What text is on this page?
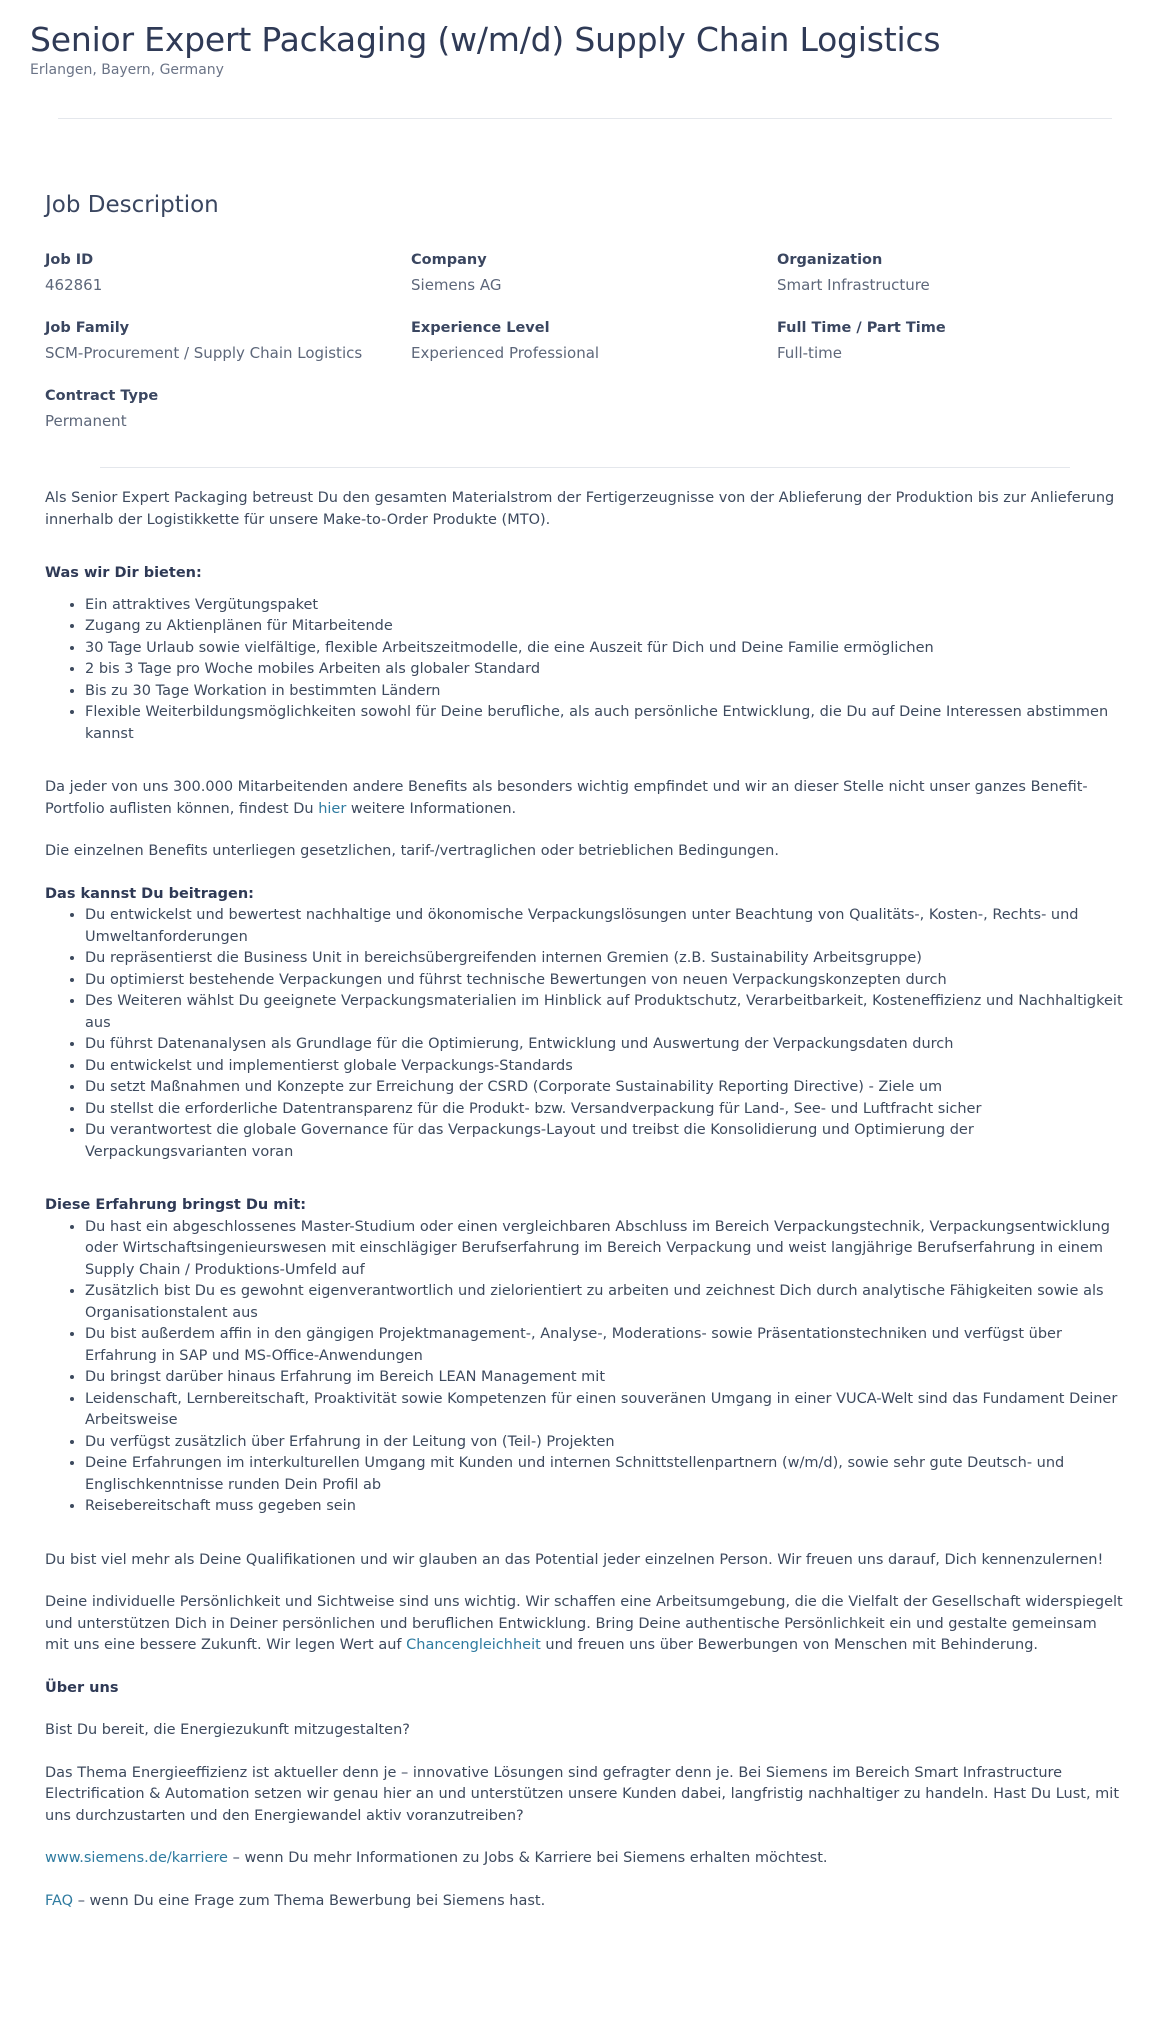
Senior Expert Packaging (w/m/d) Supply Chain Logistics
Erlangen, Bayern, Germany
Job Description
Job ID
462861
Company
Siemens AG
Organization
Smart Infrastructure
Job Family
SCM-Procurement / Supply Chain Logistics
Experience Level
Experienced Professional
Full Time / Part Time
Full-time
Contract Type
Permanent

Als Senior Expert Packaging betreust Du den gesamten Materialstrom der Fertigerzeugnisse von der Ablieferung der Produktion bis zur Anlieferung innerhalb der Logistikkette für unsere Make-to-Order Produkte (MTO).

Was wir Dir bieten:

• Ein attraktives Vergütungspaket
• Zugang zu Aktienplänen für Mitarbeitende
• 30 Tage Urlaub sowie vielfältige, flexible Arbeitszeitmodelle, die eine Auszeit für Dich und Deine Familie ermöglichen
• 2 bis 3 Tage pro Woche mobiles Arbeiten als globaler Standard
• Bis zu 30 Tage Workation in bestimmten Ländern
• Flexible Weiterbildungsmöglichkeiten sowohl für Deine berufliche, als auch persönliche Entwicklung, die Du auf Deine Interessen abstimmen kannst

Da jeder von uns 300.000 Mitarbeitenden andere Benefits als besonders wichtig empfindet und wir an dieser Stelle nicht unser ganzes Benefit-Portfolio auflisten können, findest Du hier weitere Informationen.

Die einzelnen Benefits unterliegen gesetzlichen, tarif-/vertraglichen oder betrieblichen Bedingungen.

Das kannst Du beitragen:

• Du entwickelst und bewertest nachhaltige und ökonomische Verpackungslösungen unter Beachtung von Qualitäts-, Kosten-, Rechts- und Umweltanforderungen
• Du repräsentierst die Business Unit in bereichsübergreifenden internen Gremien (z.B. Sustainability Arbeitsgruppe)
• Du optimierst bestehende Verpackungen und führst technische Bewertungen von neuen Verpackungskonzepten durch
• Des Weiteren wählst Du geeignete Verpackungsmaterialien im Hinblick auf Produktschutz, Verarbeitbarkeit, Kosteneffizienz und Nachhaltigkeit aus
• Du führst Datenanalysen als Grundlage für die Optimierung, Entwicklung und Auswertung der Verpackungsdaten durch
• Du entwickelst und implementierst globale Verpackungs-Standards
• Du setzt Maßnahmen und Konzepte zur Erreichung der CSRD (Corporate Sustainability Reporting Directive) - Ziele um
• Du stellst die erforderliche Datentransparenz für die Produkt- bzw. Versandverpackung für Land-, See- und Luftfracht sicher
• Du verantwortest die globale Governance für das Verpackungs-Layout und treibst die Konsolidierung und Optimierung der Verpackungsvarianten voran

Diese Erfahrung bringst Du mit:

• Du hast ein abgeschlossenes Master-Studium oder einen vergleichbaren Abschluss im Bereich Verpackungstechnik, Verpackungsentwicklung oder Wirtschaftsingenieurswesen mit einschlägiger Berufserfahrung im Bereich Verpackung und weist langjährige Berufserfahrung in einem Supply Chain / Produktions-Umfeld auf
• Zusätzlich bist Du es gewohnt eigenverantwortlich und zielorientiert zu arbeiten und zeichnest Dich durch analytische Fähigkeiten sowie als Organisationstalent aus
• Du bist außerdem affin in den gängigen Projektmanagement-, Analyse-, Moderations- sowie Präsentationstechniken und verfügst über Erfahrung in SAP und MS-Office-Anwendungen
• Du bringst darüber hinaus Erfahrung im Bereich LEAN Management mit
• Leidenschaft, Lernbereitschaft, Proaktivität sowie Kompetenzen für einen souveränen Umgang in einer VUCA-Welt sind das Fundament Deiner Arbeitsweise
• Du verfügst zusätzlich über Erfahrung in der Leitung von (Teil-) Projekten
• Deine Erfahrungen im interkulturellen Umgang mit Kunden und internen Schnittstellenpartnern (w/m/d), sowie sehr gute Deutsch- und Englischkenntnisse runden Dein Profil ab
• Reisebereitschaft muss gegeben sein

Du bist viel mehr als Deine Qualifikationen und wir glauben an das Potential jeder einzelnen Person. Wir freuen uns darauf, Dich kennenzulernen!

Deine individuelle Persönlichkeit und Sichtweise sind uns wichtig. Wir schaffen eine Arbeitsumgebung, die die Vielfalt der Gesellschaft widerspiegelt und unterstützen Dich in Deiner persönlichen und beruflichen Entwicklung. Bring Deine authentische Persönlichkeit ein und gestalte gemeinsam mit uns eine bessere Zukunft. Wir legen Wert auf Chancengleichheit und freuen uns über Bewerbungen von Menschen mit Behinderung.

Über uns

Bist Du bereit, die Energiezukunft mitzugestalten?

Das Thema Energieeffizienz ist aktueller denn je – innovative Lösungen sind gefragter denn je. Bei Siemens im Bereich Smart Infrastructure Electrification & Automation setzen wir genau hier an und unterstützen unsere Kunden dabei, langfristig nachhaltiger zu handeln. Hast Du Lust, mit uns durchzustarten und den Energiewandel aktiv voranzutreiben?

www.siemens.de/karriere – wenn Du mehr Informationen zu Jobs & Karriere bei Siemens erhalten möchtest.

FAQ – wenn Du eine Frage zum Thema Bewerbung bei Siemens hast.
